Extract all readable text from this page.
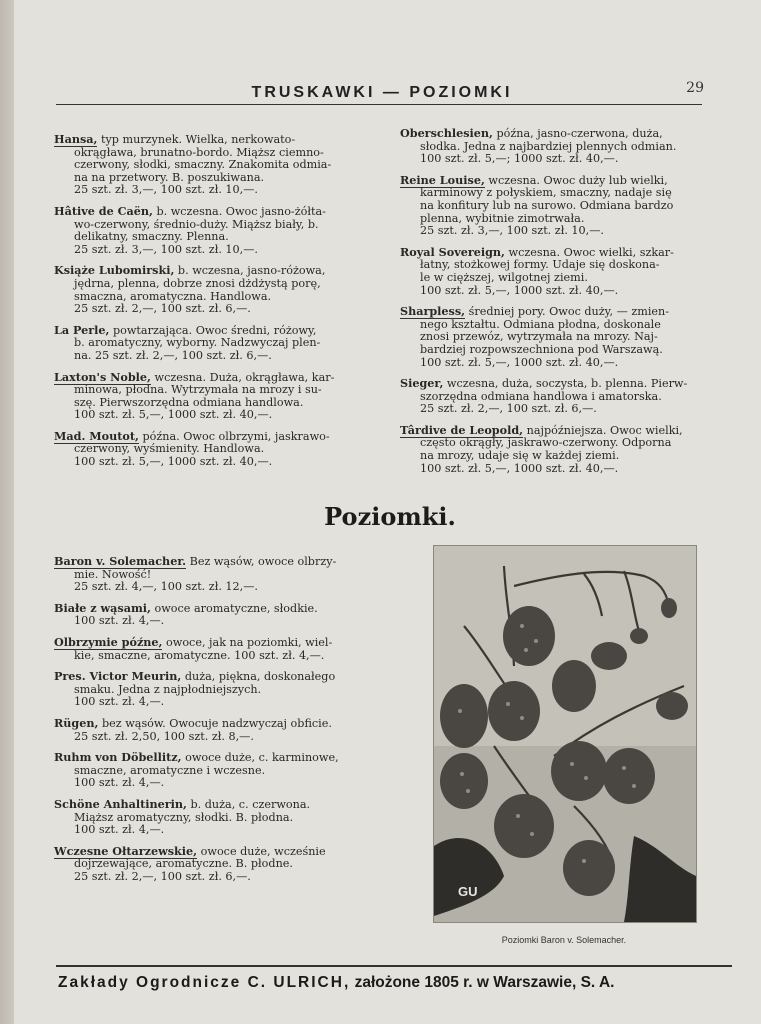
TRUSKAWKI — POZIOMKI	29
Hansa, typ murzynek. Wielka, nerkowato-
okrągława, brunatno-bordo. Miąższ ciemno-
czerwony, słodki, smaczny. Znakomita odmia-
na na przetwory. B. poszukiwana.
25 szt. zł. 3,—, 100 szt. zł. 10,—.
Hâtive de Caën, b. wczesna. Owoc jasno-żółta-
wo-czerwony, średnio-duży. Miąższ biały, b.
delikatny, smaczny. Plenna.
25 szt. zł. 3,—, 100 szt. zł. 10,—.
Książe Lubomirski, b. wczesna, jasno-różowa,
jędrna, plenna, dobrze znosi dżdżystą porę,
smaczna, aromatyczna. Handlowa.
25 szt. zł. 2,—, 100 szt. zł. 6,—.
La Perle, powtarzająca. Owoc średni, różowy,
b. aromatyczny, wyborny. Nadzwyczaj plen-
na. 25 szt. zł. 2,—, 100 szt. zł. 6,—.
Laxton's Noble, wczesna. Duża, okrągława, kar-
minowa, płodna. Wytrzymała na mrozy i su-
szę. Pierwszorzędna odmiana handlowa.
100 szt. zł. 5,—, 1000 szt. zł. 40,—.
Mad. Moutot, późna. Owoc olbrzymi, jaskrawo-
czerwony, wyśmienity. Handlowa.
100 szt. zł. 5,—, 1000 szt. zł. 40,—.
Oberschlesien, późna, jasno-czerwona, duża,
słodka. Jedna z najbardziej plennych odmian.
100 szt. zł. 5,—; 1000 szt. zł. 40,—.
Reine Louise, wczesna. Owoc duży lub wielki,
karminowy z połyskiem, smaczny, nadaje się
na konfitury lub na surowo. Odmiana bardzo
plenna, wybitnie zimotrwała.
25 szt. zł. 3,—, 100 szt. zł. 10,—.
Royal Sovereign, wczesna. Owoc wielki, szkar-
łatny, stożkowej formy. Udaje się doskona-
le w cięższej, wilgotnej ziemi.
100 szt. zł. 5,—, 1000 szt. zł. 40,—.
Sharpless, średniej pory. Owoc duży, — zmien-
nego kształtu. Odmiana płodna, doskonale
znosi przewóz, wytrzymała na mrozy. Naj-
bardziej rozpowszechniona pod Warszawą.
100 szt. zł. 5,—, 1000 szt. zł. 40,—.
Sieger, wczesna, duża, soczysta, b. plenna. Pierw-
szorzędna odmiana handlowa i amatorska.
25 szt. zł. 2,—, 100 szt. zł. 6,—.
Târdive de Leopold, najpóźniejsza. Owoc wielki,
często okrągły, jaskrawo-czerwony. Odporna
na mrozy, udaje się w każdej ziemi.
100 szt. zł. 5,—, 1000 szt. zł. 40,—.
Poziomki.
Baron v. Solemacher. Bez wąsów, owoce olbrzy-
mie. Nowość!
25 szt. zł. 4,—, 100 szt. zł. 12,—.
Białe z wąsami, owoce aromatyczne, słodkie.
100 szt. zł. 4,—.
Olbrzymie późne, owoce, jak na poziomki, wiel-
kie, smaczne, aromatyczne. 100 szt. zł. 4,—.
Pres. Victor Meurin, duża, piękna, doskonałego
smaku. Jedna z najpłodniejszych.
100 szt. zł. 4,—.
Rügen, bez wąsów. Owocuje nadzwyczaj obficie.
25 szt. zł. 2,50, 100 szt. zł. 8,—.
Ruhm von Döbellitz, owoce duże, c. karminowe,
smaczne, aromatyczne i wczesne.
100 szt. zł. 4,—.
Schöne Anhaltinerin, b. duża, c. czerwona.
Miąższ aromatyczny, słodki. B. płodna.
100 szt. zł. 4,—.
Wczesne Ołtarzewskie, owoce duże, wcześnie
dojrzewające, aromatyczne. B. płodne.
25 szt. zł. 2,—, 100 szt. zł. 6,—.
GU
Poziomki Baron v. Solemacher.
Zakłady Ogrodnicze C. ULRICH, założone 1805 r. w Warszawie, S. A.
